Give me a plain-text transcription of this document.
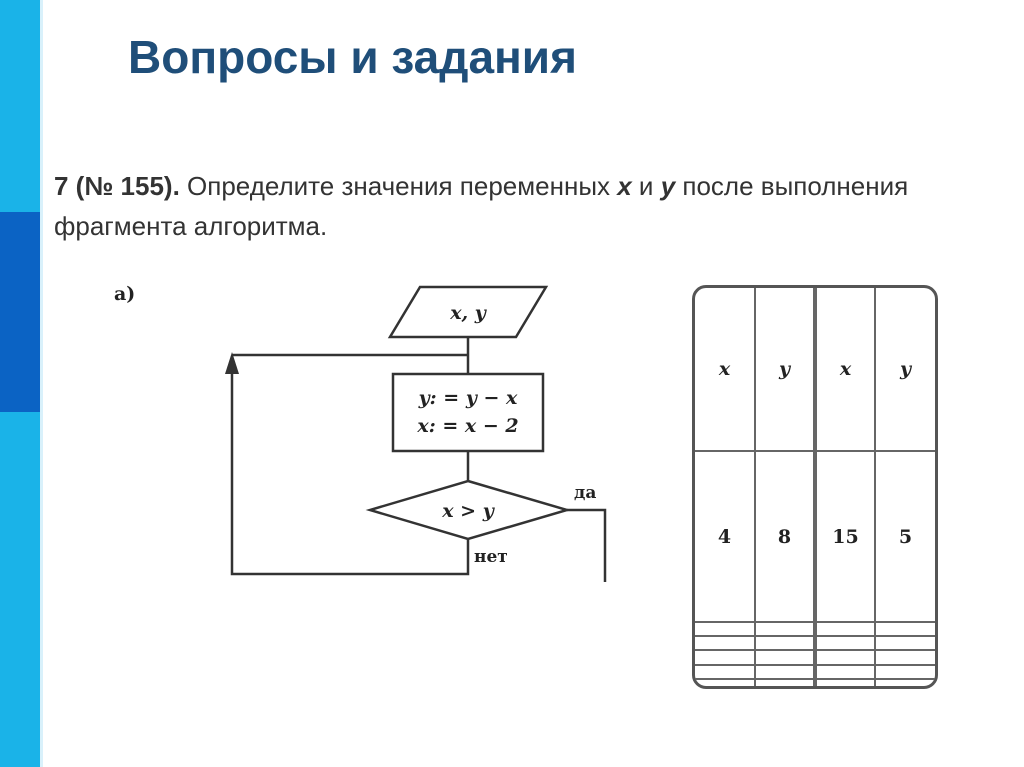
Вопросы и задания
7 (№ 155). Определите значения переменных x и y после выполнения фрагмента алгоритма.
а)
x, y
y: = y − x
x: = x − 2
x > y
да
нет
x	y	x	y
4	8	15	5
